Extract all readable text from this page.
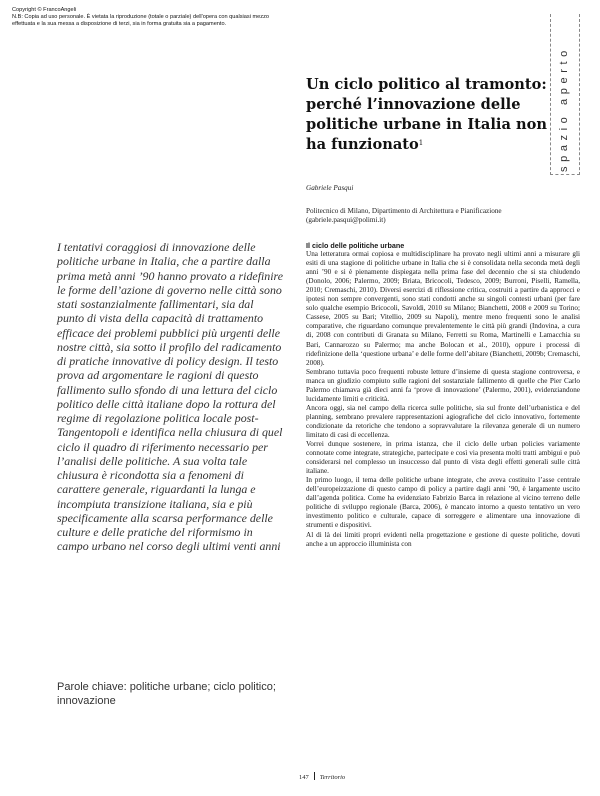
Copyright © FrancoAngeli
N.B: Copia ad uso personale. È vietata la riproduzione (totale o parziale) dell'opera con qualsiasi mezzo
effettuata e la sua messa a disposizione di terzi, sia in forma gratuita sia a pagamento.
spazio aperto
Un ciclo politico al tramonto: perché l’innovazione delle politiche urbane in Italia non ha funzionato$^1$
Gabriele Pasqui
Politecnico di Milano, Dipartimento di Architettura e Pianificazione (gabriele.pasqui@polimi.it)

I tentativi coraggiosi di innovazione delle politiche urbane in Italia, che a partire dalla prima metà anni ’90 hanno provato a ridefinire le forme dell’azione di governo nelle città sono stati sostanzialmente fallimentari, sia dal punto di vista della capacità di trattamento efficace dei problemi pubblici più urgenti delle nostre città, sia sotto il profilo del radicamento di pratiche innovative di policy design. Il testo prova ad argomentare le ragioni di questo fallimento sullo sfondo di una lettura del ciclo politico delle città italiane dopo la rottura del regime di regolazione politica locale post-Tangentopoli e identifica nella chiusura di quel ciclo il quadro di riferimento necessario per l’analisi delle politiche. A sua volta tale chiusura è ricondotta sia a fenomeni di carattere generale, riguardanti la lunga e incompiuta transizione italiana, sia e più specificamente alla scarsa performance delle culture e delle pratiche del riformismo in campo urbano nel corso degli ultimi venti anni

Parole chiave: politiche urbane; ciclo politico; innovazione

Il ciclo delle politiche urbane

Una letteratura ormai copiosa e multidisciplinare ha provato negli ultimi anni a misurare gli esiti di una stagione di politiche urbane in Italia che si è consolidata nella seconda metà degli anni ’90 e si è pienamente dispiegata nella prima fase del decennio che si sta chiudendo (Donolo, 2006; Palermo, 2009; Briata, Bricocoli, Tedesco, 2009; Burroni, Piselli, Ramella, 2010; Cremaschi, 2010). Diversi esercizi di riflessione critica, costruiti a partire da approcci e ipotesi non sempre convergenti, sono stati condotti anche su singoli contesti urbani (per fare solo qualche esempio Bricocoli, Savoldi, 2010 su Milano; Bianchetti, 2008 e 2009 su Torino; Cassese, 2005 su Bari; Vitellio, 2009 su Napoli), mentre meno frequenti sono le analisi comparative, che riguardano comunque prevalentemente le città più grandi (Indovina, a cura di, 2008 con contributi di Granata su Milano, Ferretti su Roma, Martinelli e Lamacchia su Bari, Cannarozzo su Palermo; ma anche Bolocan et al., 2010), oppure i processi di ridefinizione della ‘questione urbana’ e delle forme dell’abitare (Bianchetti, 2009b; Cremaschi, 2008).

Sembrano tuttavia poco frequenti robuste letture d’insieme di questa stagione controversa, e manca un giudizio compiuto sulle ragioni del sostanziale fallimento di quelle che Pier Carlo Palermo chiamava già dieci anni fa ‘prove di innovazione’ (Palermo, 2001), evidenziandone lucidamente limiti e criticità.

Ancora oggi, sia nel campo della ricerca sulle politiche, sia sul fronte dell’urbanistica e del planning, sembrano prevalere rappresentazioni agiografiche del ciclo innovativo, fortemente condizionate da retoriche che tendono a sopravvalutare la rilevanza generale di un numero limitato di casi di eccellenza.

Vorrei dunque sostenere, in prima istanza, che il ciclo delle urban policies variamente connotate come integrate, strategiche, partecipate e così via presenta molti tratti ambigui e può considerarsi nel complesso un insuccesso dal punto di vista degli effetti generali sulle città italiane.

In primo luogo, il tema delle politiche urbane integrate, che aveva costituito l’asse centrale dell’europeizzazione di questo campo di policy a partire dagli anni ’90, è largamente uscito dall’agenda politica. Come ha evidenziato Fabrizio Barca in relazione al vicino terreno delle politiche di sviluppo regionale (Barca, 2006), è mancato intorno a questo tentativo un vero investimento politico e culturale, capace di sorreggere e alimentare una innovazione di strumenti e dispositivi.

Al di là dei limiti propri evidenti nella progettazione e gestione di queste politiche, dovuti anche a un approccio illuminista con

147 Territorio
